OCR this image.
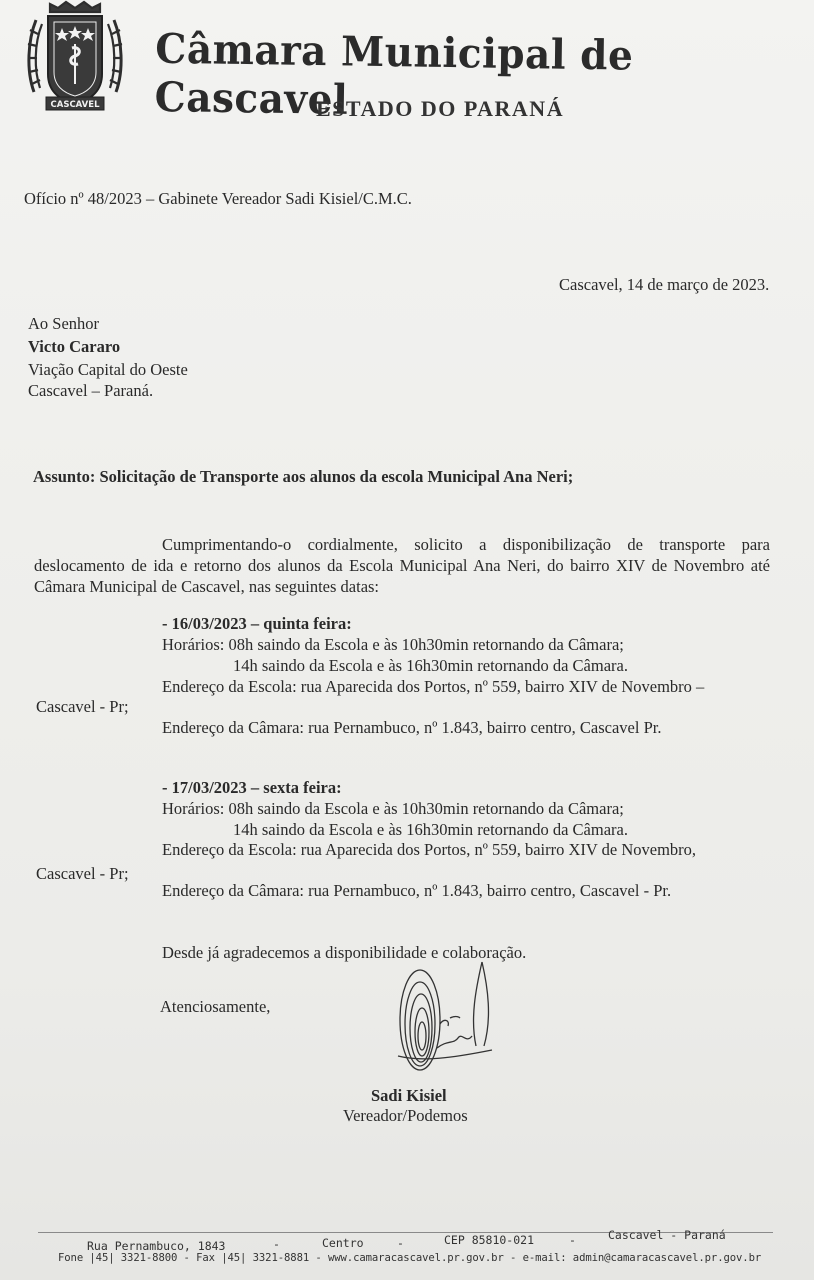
CASCAVEL
Câmara Municipal de Cascavel
ESTADO DO PARANÁ
Ofício nº 48/2023 – Gabinete Vereador Sadi Kisiel/C.M.C.
Cascavel, 14 de março de 2023.
Ao Senhor
Victo Cararo
Viação Capital do Oeste
Cascavel – Paraná.
Assunto: Solicitação de Transporte aos alunos da escola Municipal Ana Neri;
Cumprimentando-o cordialmente, solicito a disponibilização de transporte para deslocamento de ida e retorno dos alunos da Escola Municipal Ana Neri, do bairro XIV de Novembro até Câmara Municipal de Cascavel, nas seguintes datas:
- 16/03/2023 – quinta feira:
Horários: 08h saindo da Escola e às 10h30min retornando da Câmara;
14h saindo da Escola e às 16h30min retornando da Câmara.
Endereço da Escola: rua Aparecida dos Portos, nº 559, bairro XIV de Novembro –
Cascavel - Pr;
Endereço da Câmara: rua Pernambuco, nº 1.843, bairro centro, Cascavel Pr.
- 17/03/2023 – sexta feira:
Horários: 08h saindo da Escola e às 10h30min retornando da Câmara;
14h saindo da Escola e às 16h30min retornando da Câmara.
Endereço da Escola: rua Aparecida dos Portos, nº 559, bairro XIV de Novembro,
Cascavel - Pr;
Endereço da Câmara: rua Pernambuco, nº 1.843, bairro centro, Cascavel - Pr.
Desde já agradecemos a disponibilidade e colaboração.
Atenciosamente,
Sadi Kisiel
Vereador/Podemos
Rua Pernambuco, 1843	-	Centro	-	CEP 85810-021	-	Cascavel - Paraná
Fone |45| 3321-8800 - Fax |45| 3321-8881 - www.camaracascavel.pr.gov.br - e-mail: admin@camaracascavel.pr.gov.br
